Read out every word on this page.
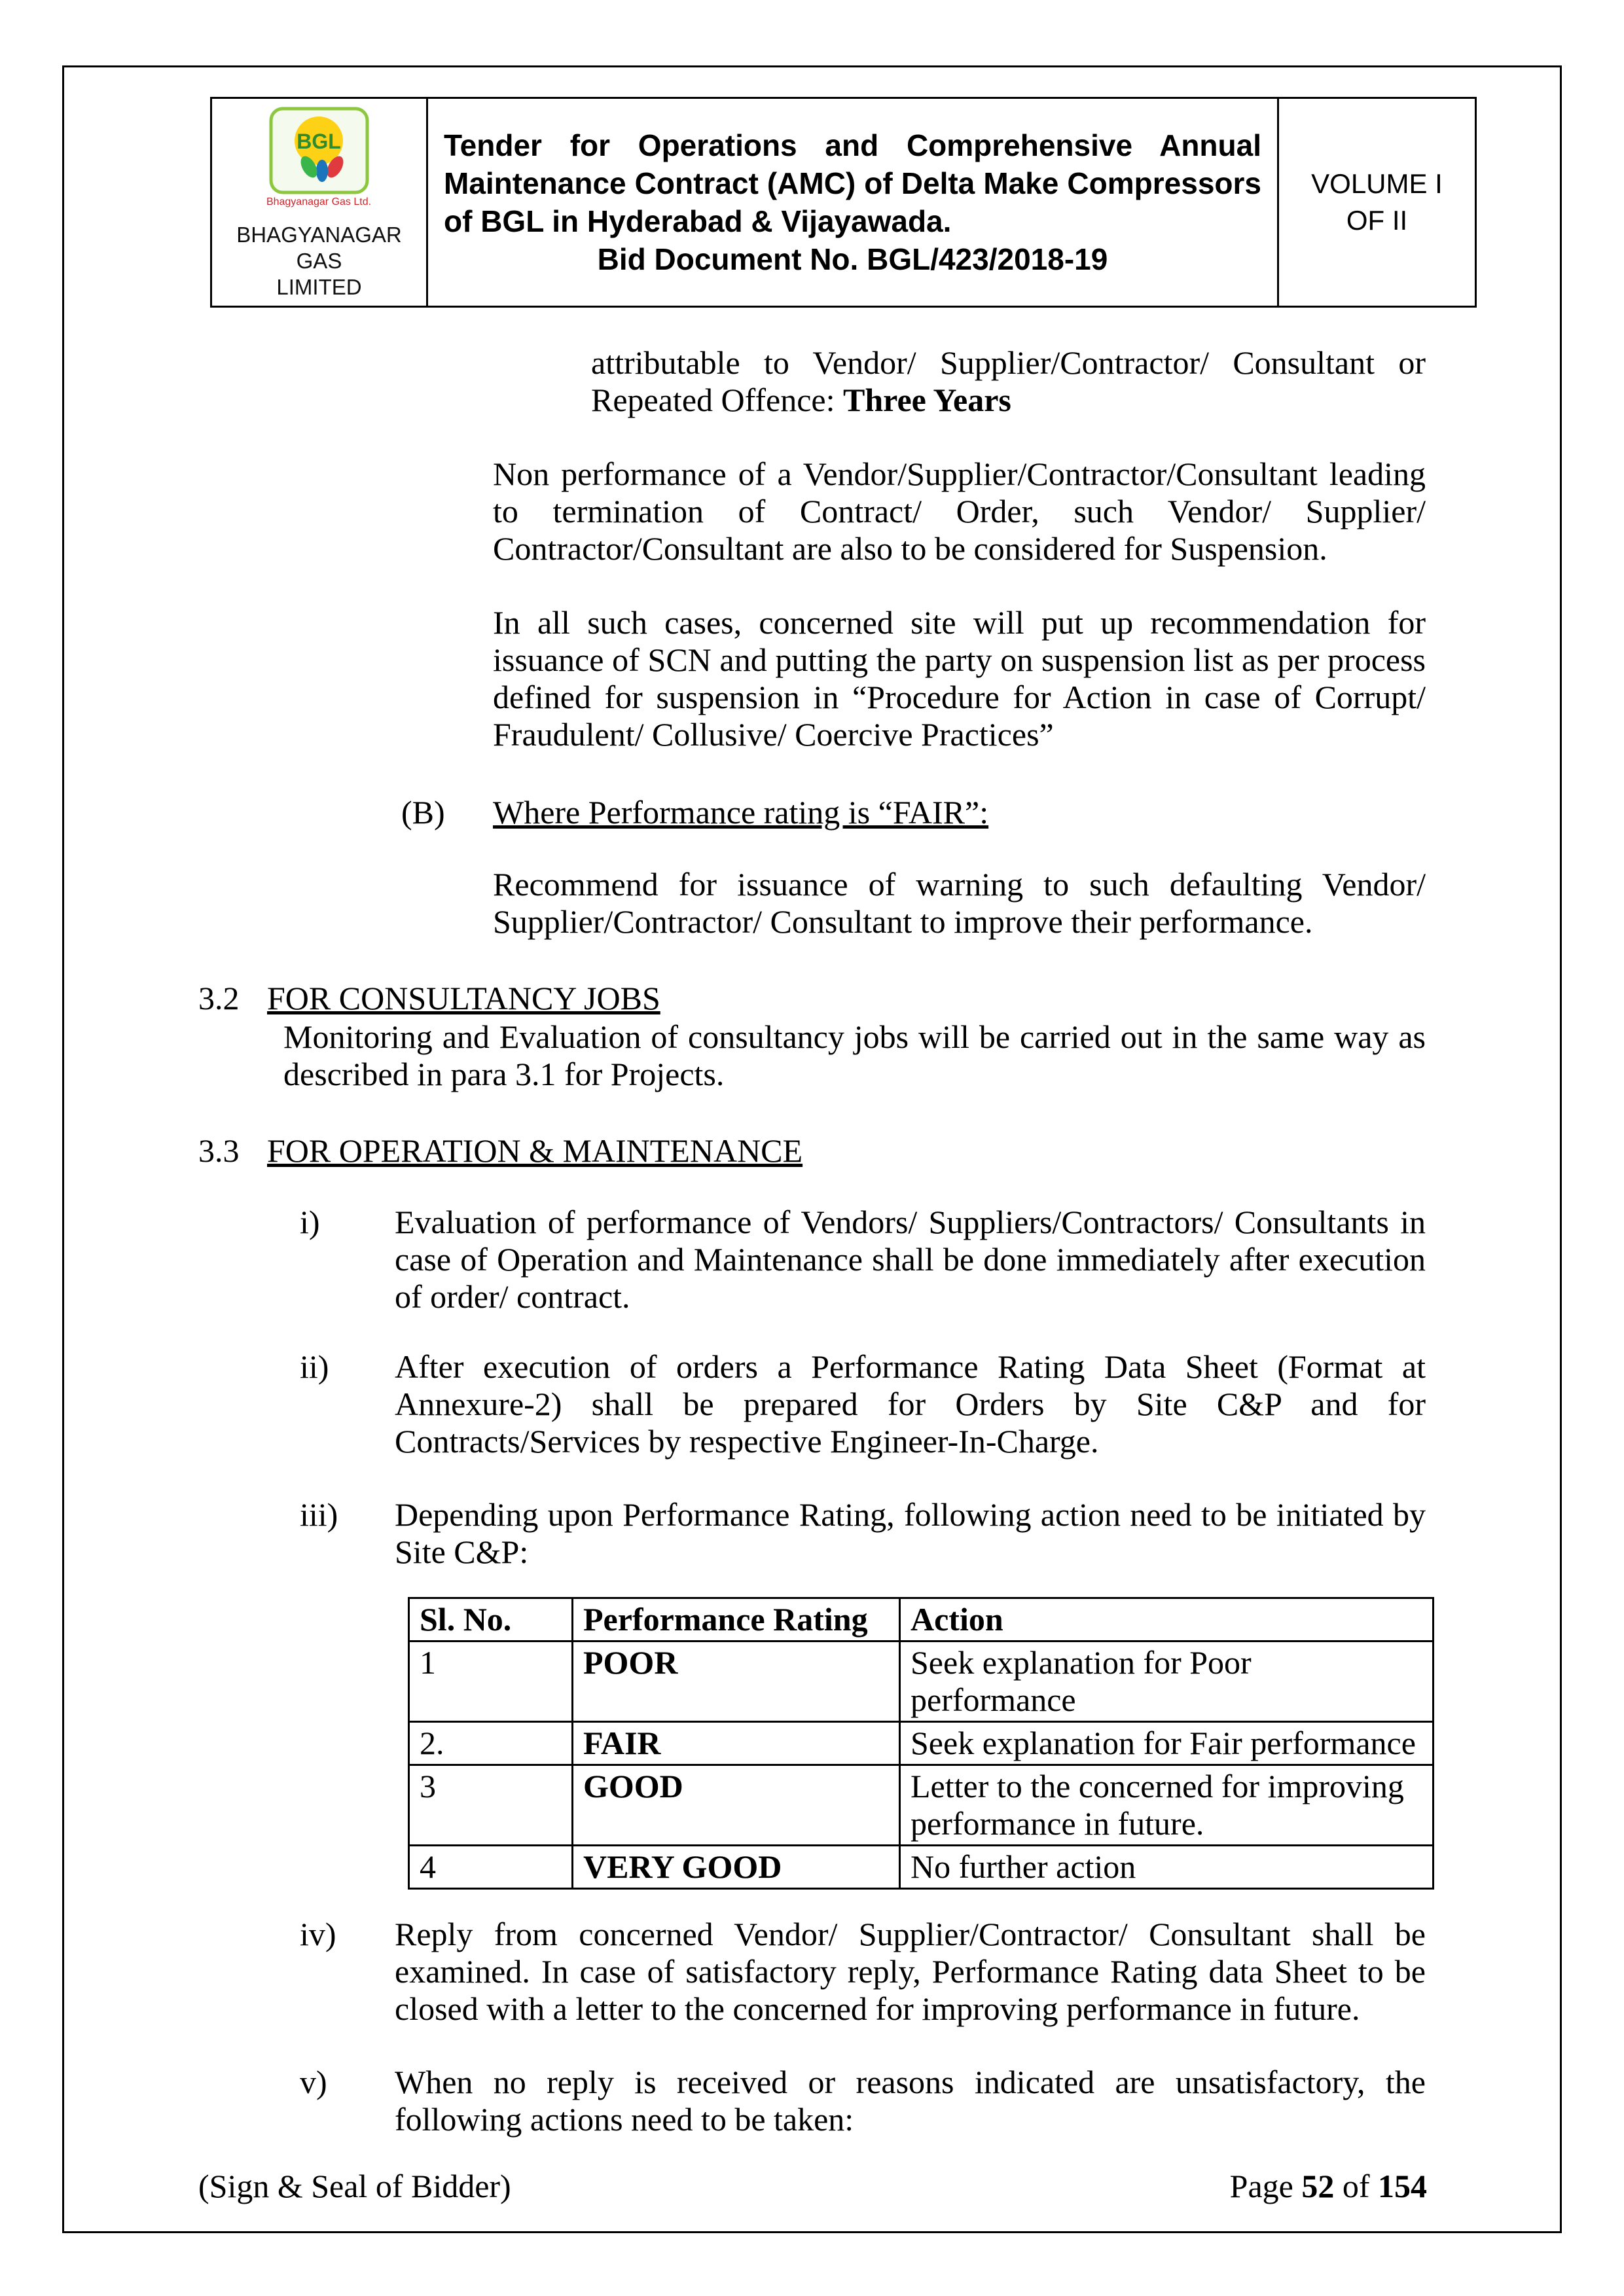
BGL
Bhagyanagar Gas Ltd.
BHAGYANAGAR GAS
LIMITED

Tender for Operations and Comprehensive Annual Maintenance Contract (AMC) of Delta Make Compressors of BGL in Hyderabad & Vijayawada.
Bid Document No. BGL/423/2018-19

VOLUME I
OF II
attributable to Vendor/ Supplier/Contractor/ Consultant or Repeated Offence: Three Years
Non performance of a Vendor/Supplier/Contractor/Consultant leading to termination of Contract/ Order, such Vendor/ Supplier/ Contractor/Consultant are also to be considered for Suspension.
In all such cases, concerned site will put up recommendation for issuance of SCN and putting the party on suspension list as per process defined for suspension in “Procedure for Action in case of Corrupt/ Fraudulent/ Collusive/ Coercive Practices”
(B)	Where Performance rating is “FAIR”:
Recommend for issuance of warning to such defaulting Vendor/ Supplier/Contractor/ Consultant to improve their performance.
3.2 FOR CONSULTANCY JOBS
Monitoring and Evaluation of consultancy jobs will be carried out in the same way as described in para 3.1 for Projects.
3.3 FOR OPERATION & MAINTENANCE
i)	Evaluation of performance of Vendors/ Suppliers/Contractors/ Consultants in case of Operation and Maintenance shall be done immediately after execution of order/ contract.
ii)	After execution of orders a Performance Rating Data Sheet (Format at Annexure-2) shall be prepared for Orders by Site C&P and for Contracts/Services by respective Engineer-In-Charge.
iii)	Depending upon Performance Rating, following action need to be initiated by Site C&P:
Sl. No.	Performance Rating	Action
1	POOR	Seek explanation for Poor performance
2.	FAIR	Seek explanation for Fair performance
3	GOOD	Letter to the concerned for improving performance in future.
4	VERY GOOD	No further action
iv)	Reply from concerned Vendor/ Supplier/Contractor/ Consultant shall be examined. In case of satisfactory reply, Performance Rating data Sheet to be closed with a letter to the concerned for improving performance in future.
v)	When no reply is received or reasons indicated are unsatisfactory, the following actions need to be taken:
(Sign & Seal of Bidder)	Page 52 of 154
